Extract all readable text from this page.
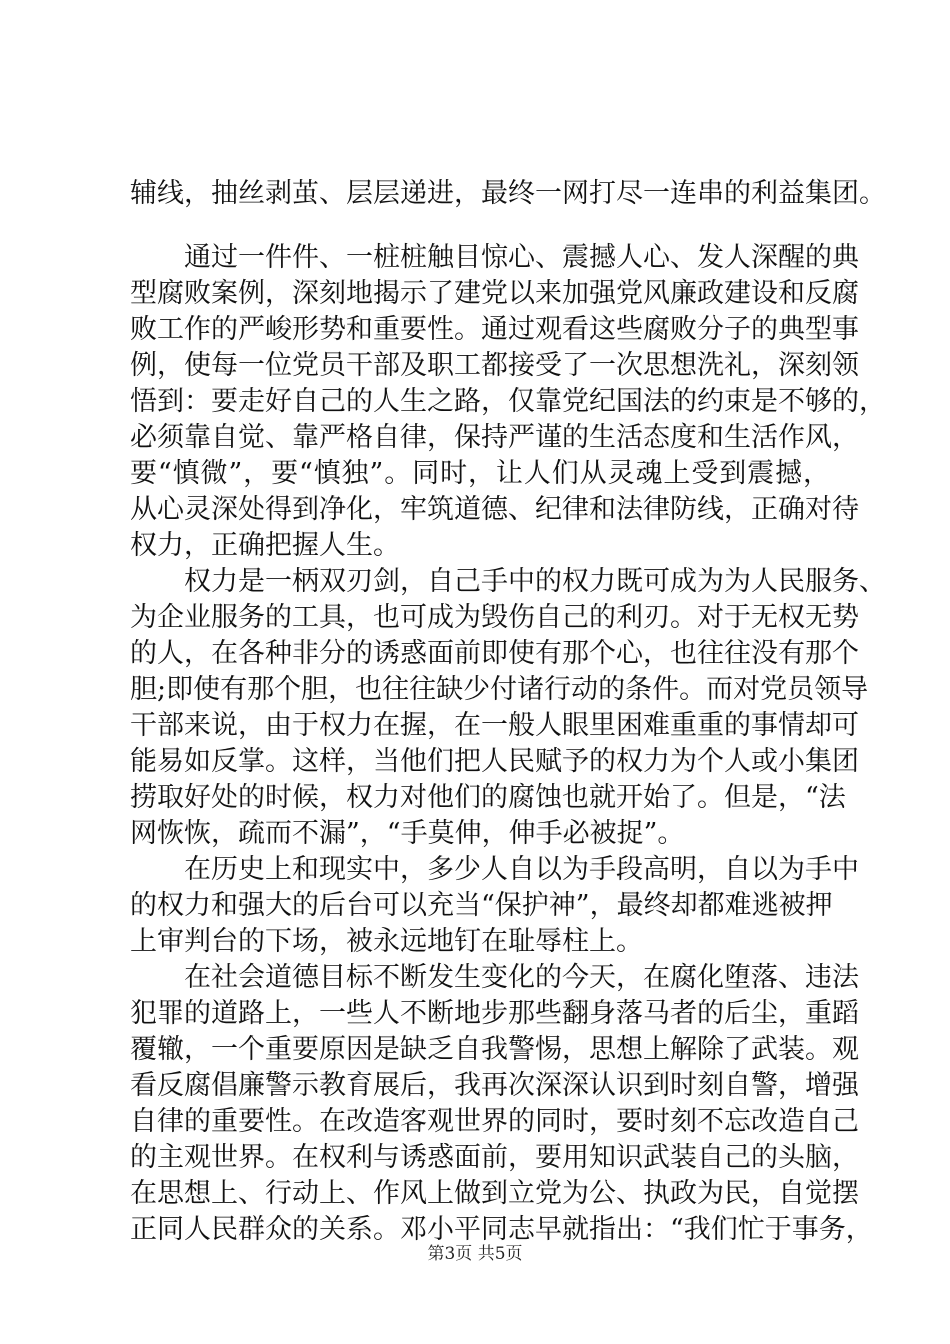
辅线，抽丝剥茧、层层递进，最终一网打尽一连串的利益集团。
通过一件件、一桩桩触目惊心、震撼人心、发人深醒的典
型腐败案例，深刻地揭示了建党以来加强党风廉政建设和反腐
败工作的严峻形势和重要性。通过观看这些腐败分子的典型事
例，使每一位党员干部及职工都接受了一次思想洗礼，深刻领
悟到：要走好自己的人生之路，仅靠党纪国法的约束是不够的，
必须靠自觉、靠严格自律，保持严谨的生活态度和生活作风，
要“慎微”，要“慎独”。同时，让人们从灵魂上受到震撼，
从心灵深处得到净化，牢筑道德、纪律和法律防线，正确对待
权力，正确把握人生。
权力是一柄双刃剑，自己手中的权力既可成为为人民服务、
为企业服务的工具，也可成为毁伤自己的利刃。对于无权无势
的人，在各种非分的诱惑面前即使有那个心，也往往没有那个
胆;即使有那个胆，也往往缺少付诸行动的条件。而对党员领导
干部来说，由于权力在握，在一般人眼里困难重重的事情却可
能易如反掌。这样，当他们把人民赋予的权力为个人或小集团
捞取好处的时候，权力对他们的腐蚀也就开始了。但是，“法
网恢恢，疏而不漏”，“手莫伸，伸手必被捉”。
在历史上和现实中，多少人自以为手段高明，自以为手中
的权力和强大的后台可以充当“保护神”，最终却都难逃被押
上审判台的下场，被永远地钉在耻辱柱上。
在社会道德目标不断发生变化的今天，在腐化堕落、违法
犯罪的道路上，一些人不断地步那些翻身落马者的后尘，重蹈
覆辙，一个重要原因是缺乏自我警惕，思想上解除了武装。观
看反腐倡廉警示教育展后，我再次深深认识到时刻自警，增强
自律的重要性。在改造客观世界的同时，要时刻不忘改造自己
的主观世界。在权利与诱惑面前，要用知识武装自己的头脑，
在思想上、行动上、作风上做到立党为公、执政为民，自觉摆
正同人民群众的关系。邓小平同志早就指出：“我们忙于事务，
第3页 共5页
